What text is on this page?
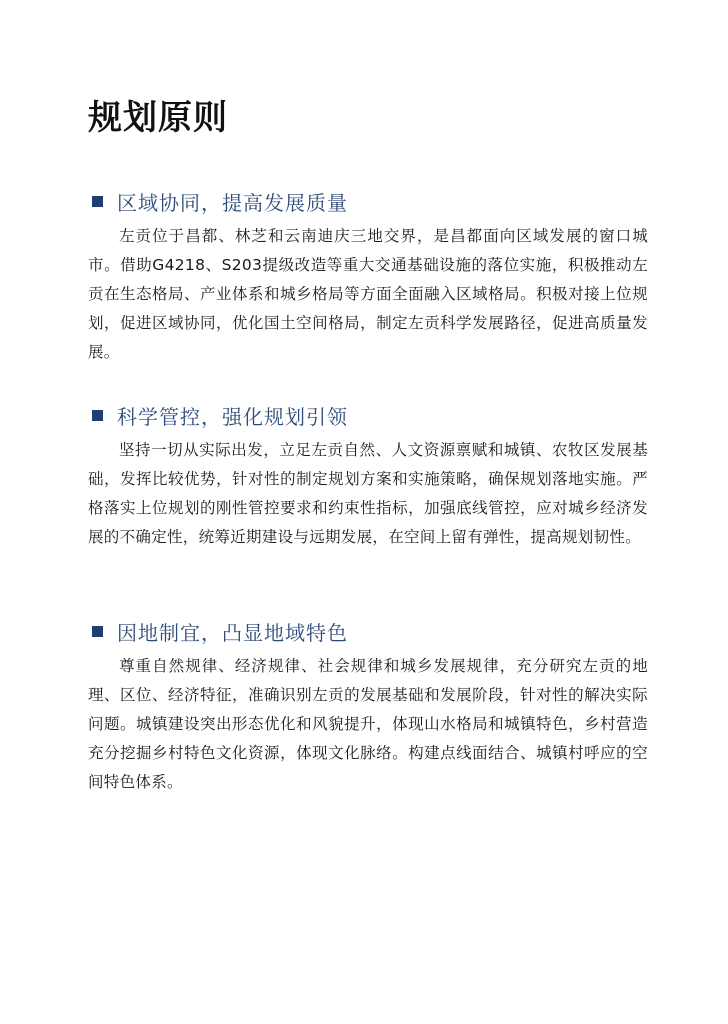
规划原则
区域协同，提高发展质量

左贡位于昌都、林芝和云南迪庆三地交界，是昌都面向区域发展的窗口城市。借助G4218、S203提级改造等重大交通基础设施的落位实施，积极推动左贡在生态格局、产业体系和城乡格局等方面全面融入区域格局。积极对接上位规划，促进区域协同，优化国土空间格局，制定左贡科学发展路径，促进高质量发展。

科学管控，强化规划引领

坚持一切从实际出发，立足左贡自然、人文资源禀赋和城镇、农牧区发展基础，发挥比较优势，针对性的制定规划方案和实施策略，确保规划落地实施。严格落实上位规划的刚性管控要求和约束性指标，加强底线管控，应对城乡经济发展的不确定性，统筹近期建设与远期发展，在空间上留有弹性，提高规划韧性。

因地制宜，凸显地域特色

尊重自然规律、经济规律、社会规律和城乡发展规律，充分研究左贡的地理、区位、经济特征，准确识别左贡的发展基础和发展阶段，针对性的解决实际问题。城镇建设突出形态优化和风貌提升，体现山水格局和城镇特色，乡村营造充分挖掘乡村特色文化资源，体现文化脉络。构建点线面结合、城镇村呼应的空间特色体系。
